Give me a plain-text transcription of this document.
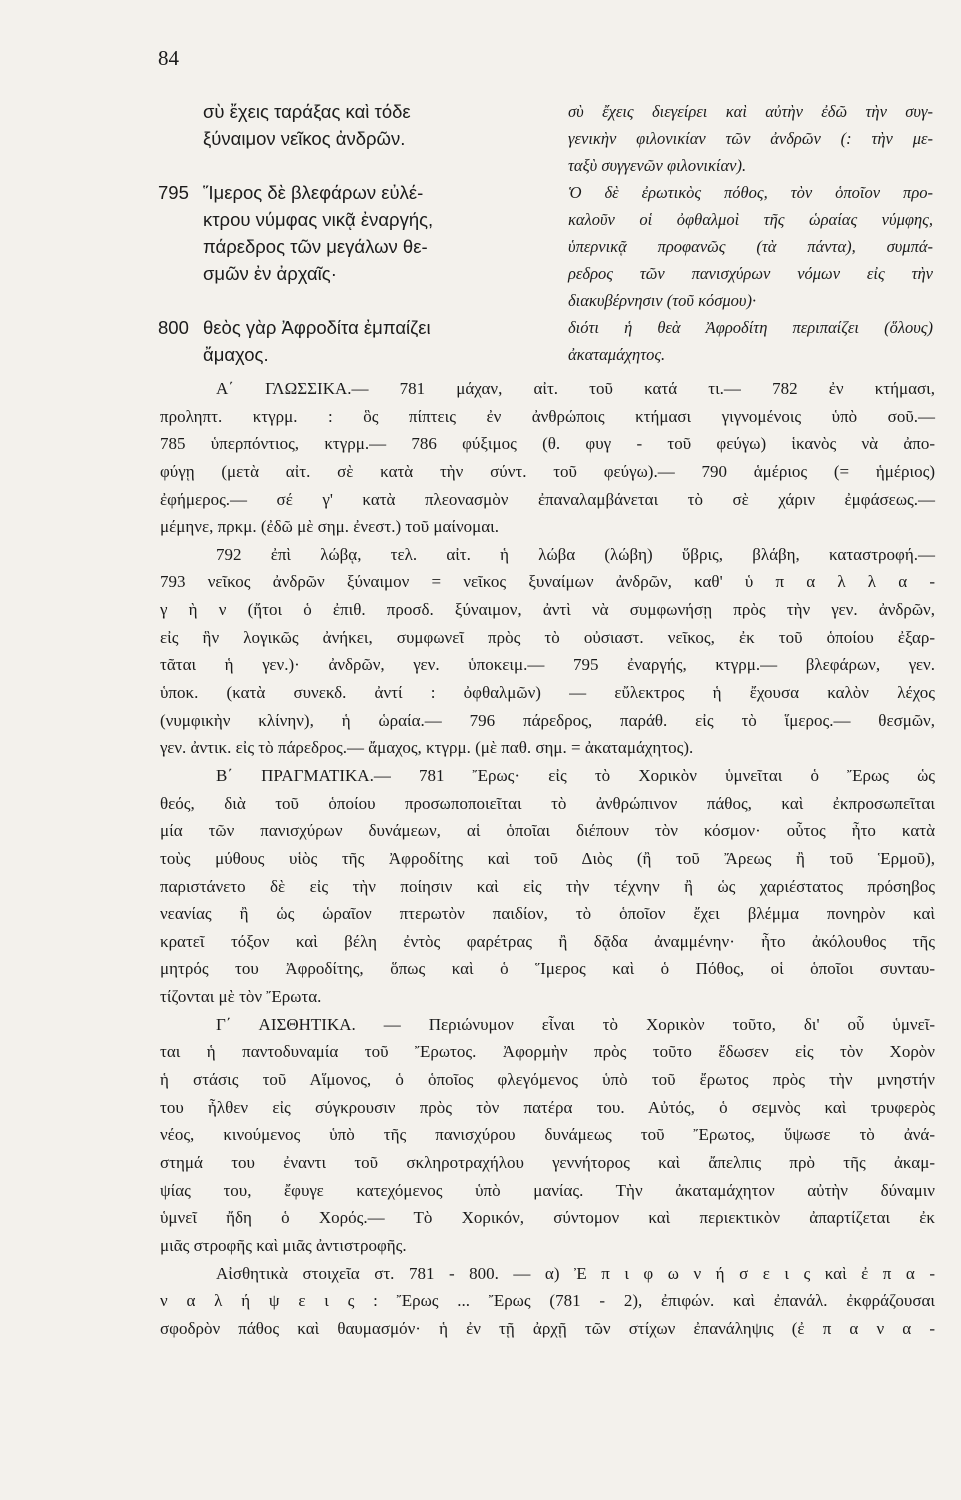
84
σὺ ἔχεις ταράξας καὶ τόδε
ξύναιμον νεῖκος ἀνδρῶν.
795 Ἵμερος δὲ βλεφάρων εὐλέ-
κτρου νύμφας νικᾷ ἐναργής,
πάρεδρος τῶν μεγάλων θε-
σμῶν ἐν ἀρχαῖς·
800 θεὸς γὰρ Ἀφροδίτα ἐμπαίζει
ἄμαχος.
σὺ ἔχεις διεγείρει καὶ αὐτὴν ἐδῶ τὴν συγ-
γενικὴν φιλονικίαν τῶν ἀνδρῶν (: τὴν με-
ταξὺ συγγενῶν φιλονικίαν).
Ὁ δὲ ἐρωτικὸς πόθος, τὸν ὁποῖον προ-
καλοῦν οἱ ὀφθαλμοὶ τῆς ὡραίας νύμφης,
ὑπερνικᾷ προφανῶς (τὰ πάντα), συμπά-
ρεδρος τῶν πανισχύρων νόμων εἰς τὴν
διακυβέρνησιν (τοῦ κόσμου)·
διότι ἡ θεὰ Ἀφροδίτη περιπαίζει (ὅλους)
ἀκαταμάχητος.
Α΄ ΓΛΩΣΣΙΚΑ.— 781 μάχαν, αἰτ. τοῦ κατά τι.— 782 ἐν κτήμασι,
προληπτ. κτγρμ. : ὃς πίπτεις ἐν ἀνθρώποις κτήμασι γιγνομένοις ὑπὸ σοῦ.—
785 ὑπερπόντιος, κτγρμ.— 786 φύξιμος (θ. φυγ - τοῦ φεύγω) ἱκανὸς νὰ ἀπο-
φύγῃ (μετὰ αἰτ. σὲ κατὰ τὴν σύντ. τοῦ φεύγω).— 790 ἁμέριος (= ἡμέριος)
ἐφήμερος.— σέ γ' κατὰ πλεονασμὸν ἐπαναλαμβάνεται τὸ σὲ χάριν ἐμφάσεως.—
μέμηνε, πρκμ. (ἐδῶ μὲ σημ. ἐνεστ.) τοῦ μαίνομαι.
792 ἐπὶ λώβᾳ, τελ. αἰτ. ἡ λώβα (λώβη) ὕβρις, βλάβη, καταστροφή.—
793 νεῖκος ἀνδρῶν ξύναιμον = νεῖκος ξυναίμων ἀνδρῶν, καθ' ὑ π α λ λ α -
γ ὴ ν (ἤτοι ὁ ἐπιθ. προσδ. ξύναιμον, ἀντὶ νὰ συμφωνήσῃ πρὸς τὴν γεν. ἀνδρῶν,
εἰς ἣν λογικῶς ἀνήκει, συμφωνεῖ πρὸς τὸ οὐσιαστ. νεῖκος, ἐκ τοῦ ὁποίου ἐξαρ-
τᾶται ἡ γεν.)· ἀνδρῶν, γεν. ὑποκειμ.— 795 ἐναργής, κτγρμ.— βλεφάρων, γεν.
ὑποκ. (κατὰ συνεκδ. ἀντί : ὀφθαλμῶν) — εὔλεκτρος ἡ ἔχουσα καλὸν λέχος
(νυμφικὴν κλίνην), ἡ ὡραία.— 796 πάρεδρος, παράθ. εἰς τὸ ἵμερος.— θεσμῶν,
γεν. ἀντικ. εἰς τὸ πάρεδρος.— ἄμαχος, κτγρμ. (μὲ παθ. σημ. = ἀκαταμάχητος).
Β΄ ΠΡΑΓΜΑΤΙΚΑ.— 781 Ἔρως· εἰς τὸ Χορικὸν ὑμνεῖται ὁ Ἔρως ὡς
θεός, διὰ τοῦ ὁποίου προσωποποιεῖται τὸ ἀνθρώπινον πάθος, καὶ ἐκπροσωπεῖται
μία τῶν πανισχύρων δυνάμεων, αἱ ὁποῖαι διέπουν τὸν κόσμον· οὗτος ἦτο κατὰ
τοὺς μύθους υἱὸς τῆς Ἀφροδίτης καὶ τοῦ Διὸς (ἢ τοῦ Ἄρεως ἢ τοῦ Ἑρμοῦ),
παριστάνετο δὲ εἰς τὴν ποίησιν καὶ εἰς τὴν τέχνην ἢ ὡς χαριέστατος πρόσηβος
νεανίας ἢ ὡς ὡραῖον πτερωτὸν παιδίον, τὸ ὁποῖον ἔχει βλέμμα πονηρὸν καὶ
κρατεῖ τόξον καὶ βέλη ἐντὸς φαρέτρας ἢ δᾷδα ἀναμμένην· ἦτο ἀκόλουθος τῆς
μητρός του Ἀφροδίτης, ὅπως καὶ ὁ Ἵμερος καὶ ὁ Πόθος, οἱ ὁποῖοι συνταυ-
τίζονται μὲ τὸν Ἔρωτα.
Γ΄ ΑΙΣΘΗΤΙΚΑ. — Περιώνυμον εἶναι τὸ Χορικὸν τοῦτο, δι' οὗ ὑμνεῖ-
ται ἡ παντοδυναμία τοῦ Ἔρωτος. Ἀφορμὴν πρὸς τοῦτο ἔδωσεν εἰς τὸν Χορὸν
ἡ στάσις τοῦ Αἵμονος, ὁ ὁποῖος φλεγόμενος ὑπὸ τοῦ ἔρωτος πρὸς τὴν μνηστήν
του ἦλθεν εἰς σύγκρουσιν πρὸς τὸν πατέρα του. Αὐτός, ὁ σεμνὸς καὶ τρυφερὸς
νέος, κινούμενος ὑπὸ τῆς πανισχύρου δυνάμεως τοῦ Ἔρωτος, ὕψωσε τὸ ἀνά-
στημά του ἐναντι τοῦ σκληροτραχήλου γεννήτορος καὶ ἄπελπις πρὸ τῆς ἀκαμ-
ψίας του, ἔφυγε κατεχόμενος ὑπὸ μανίας. Τὴν ἀκαταμάχητον αὐτὴν δύναμιν
ὑμνεῖ ἤδη ὁ Χορός.— Τὸ Χορικόν, σύντομον καὶ περιεκτικὸν ἀπαρτίζεται ἐκ
μιᾶς στροφῆς καὶ μιᾶς ἀντιστροφῆς.
Αἰσθητικὰ στοιχεῖα στ. 781 - 800. — α) Ἐ π ι φ ω ν ή σ ε ι ς καὶ ἐ π α -
ν α λ ή ψ ε ι ς : Ἔρως ... Ἔρως (781 - 2), ἐπιφών. καὶ ἐπανάλ. ἐκφράζουσαι
σφοδρὸν πάθος καὶ θαυμασμόν· ἡ ἐν τῇ ἀρχῇ τῶν στίχων ἐπανάληψις (ἐ π α ν α -
